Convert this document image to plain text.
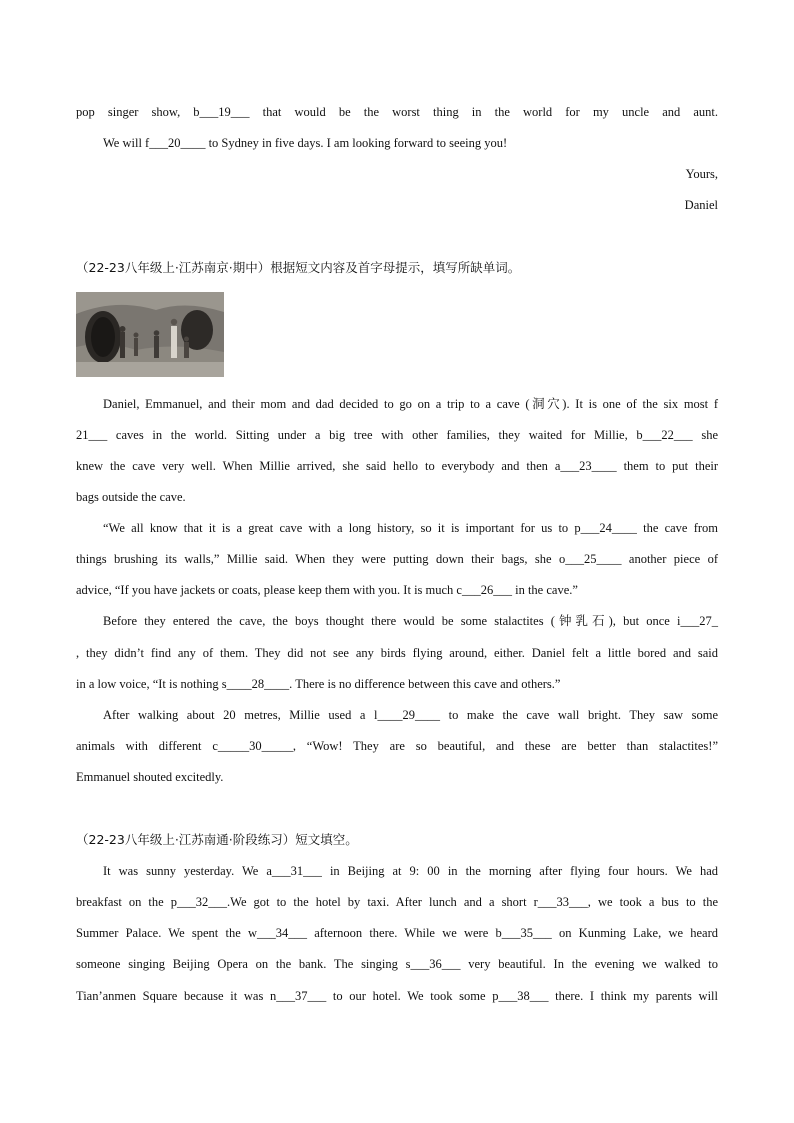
pop singer show, b___19___ that would be the worst thing in the world for my uncle and aunt.
We will f___20____ to Sydney in five days. I am looking forward to seeing you!
Yours,
Daniel
（22-23八年级上·江苏南京·期中）根据短文内容及首字母提示，填写所缺单词。
Daniel, Emmanuel, and their mom and dad decided to go on a trip to a cave (洞穴). It is one of the six most f
21___ caves in the world. Sitting under a big tree with other families, they waited for Millie, b___22___ she
knew the cave very well. When Millie arrived, she said hello to everybody and then a___23____ them to put their
bags outside the cave.
“We all know that it is a great cave with a long history, so it is important for us to p___24____ the cave from
things brushing its walls,” Millie said. When they were putting down their bags, she o___25____ another piece of
advice, “If you have jackets or coats, please keep them with you. It is much c___26___ in the cave.”
Before they entered the cave, the boys thought there would be some stalactites (钟乳石), but once i___27_
, they didn’t find any of them. They did not see any birds flying around, either. Daniel felt a little bored and said
in a low voice, “It is nothing s____28____. There is no difference between this cave and others.”
After walking about 20 metres, Millie used a l____29____ to make the cave wall bright. They saw some
animals with different c_____30_____, “Wow! They are so beautiful, and these are better than stalactites!”
Emmanuel shouted excitedly.
（22-23八年级上·江苏南通·阶段练习）短文填空。
It was sunny yesterday. We a___31___ in Beijing at 9: 00 in the morning after flying four hours. We had
breakfast on the p___32___.We got to the hotel by taxi. After lunch and a short r___33___, we took a bus to the
Summer Palace. We spent the w___34___ afternoon there. While we were b___35___ on Kunming Lake, we heard
someone singing Beijing Opera on the bank. The singing s___36___ very beautiful. In the evening we walked to
Tian’anmen Square because it was n___37___ to our hotel. We took some p___38___ there. I think my parents will
